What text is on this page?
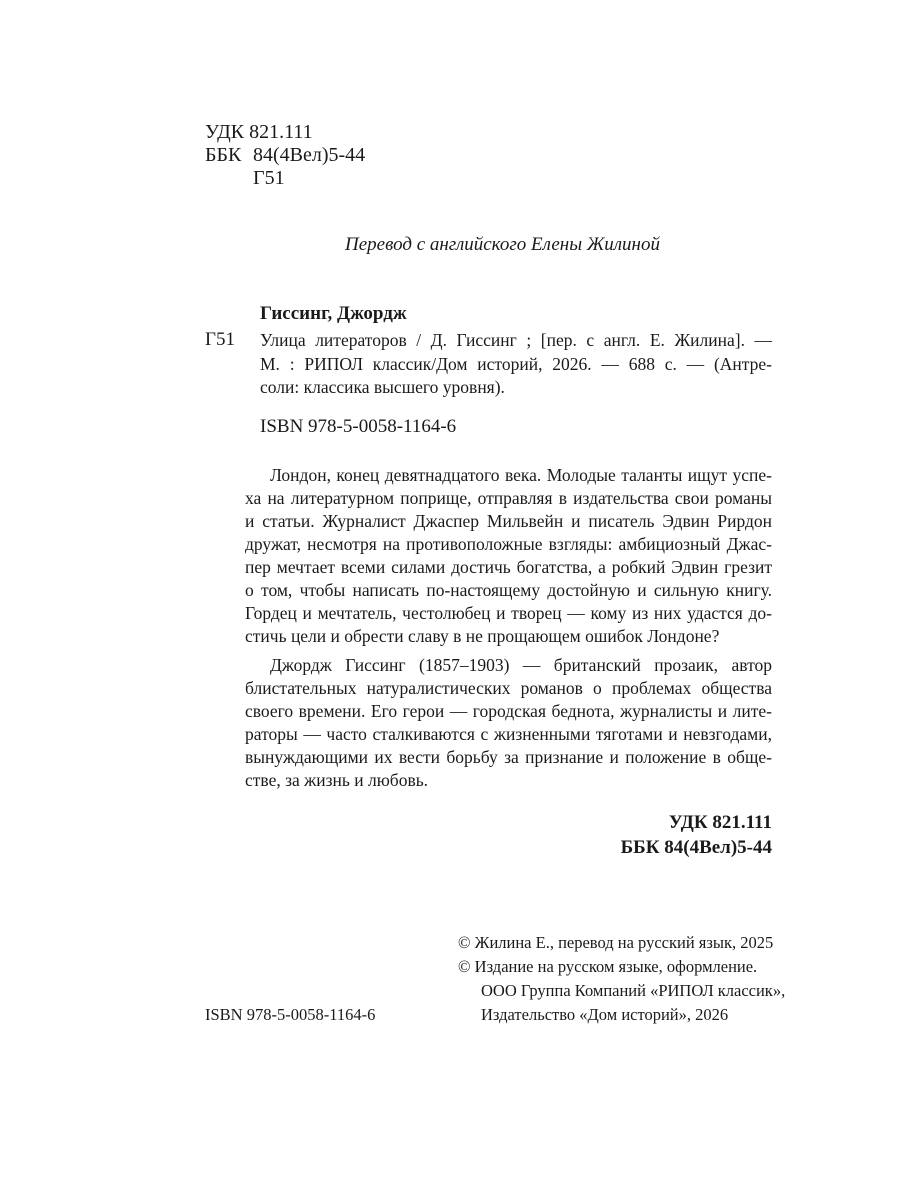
УДК 821.111
ББК 84(4Вел)5-44
Г51
Перевод с английского Елены Жилиной
Гиссинг, Джордж
Г51 Улица литераторов / Д. Гиссинг ; [пер. с англ. Е. Жилина]. —
М. : РИПОЛ классик/Дом историй, 2026. — 688 с. — (Антре-
соли: классика высшего уровня).
ISBN 978-5-0058-1164-6
Лондон, конец девятнадцатого века. Молодые таланты ищут успе-
ха на литературном поприще, отправляя в издательства свои романы
и статьи. Журналист Джаспер Мильвейн и писатель Эдвин Рирдон
дружат, несмотря на противоположные взгляды: амбициозный Джас-
пер мечтает всеми силами достичь богатства, а робкий Эдвин грезит
о том, чтобы написать по-настоящему достойную и сильную книгу.
Гордец и мечтатель, честолюбец и творец — кому из них удастся до-
стичь цели и обрести славу в не прощающем ошибок Лондоне?
Джордж Гиссинг (1857–1903) — британский прозаик, автор
блистательных натуралистических романов о проблемах общества
своего времени. Его герои — городская беднота, журналисты и лите-
раторы — часто сталкиваются с жизненными тяготами и невзгодами,
вынуждающими их вести борьбу за признание и положение в обще-
стве, за жизнь и любовь.
УДК 821.111
ББК 84(4Вел)5-44
© Жилина Е., перевод на русский язык, 2025
© Издание на русском языке, оформление.
ООО Группа Компаний «РИПОЛ классик»,
Издательство «Дом историй», 2026
ISBN 978-5-0058-1164-6
